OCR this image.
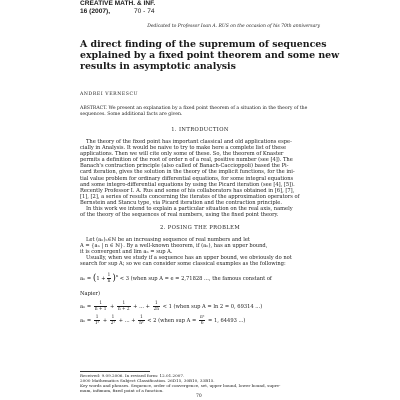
CREATIVE MATH. & INF.
16 (2007),	70 - 74
Dedicated to Professor Ioan A. RUS on the occasion of his 70th anniversary
A direct finding of the supremum of sequences
explained by a fixed point theorem and some new
results in asymptotic analysis
ANDREI VERNESCU
ABSTRACT. We present an explanation by a fixed point theorem of a situation in the theory of the
sequences. Some additional facts are given.
1. INTRODUCTION
The theory of the fixed point has important classical and old applications espe-
cially in Analysis. It would be naive to try to make here a complete list of these
applications. Then we will cite only some of these. So, the theorem of Knaster
permits a definition of the root of order n of a real, positive number (see [4]). The
Banach's contraction principle (also called of Banach-Caccioppoli) based the Pi-
card iteration, gives the solution in the theory of the implicit functions, for the ini-
tial value problem for ordinary differential equations, for some integral equations
and some integro-differential equations by using the Picard iteration (see [4], [5]).
Recently Professor I. A. Rus and some of his collaborators has obtained in [6], [7],
[1], [2], a series of results concerning the iterates of the approximation operators of
Bernstein and Stancu type, via Picard iteration and the contraction principle.
In this work we intend to explain a particular situation on the real axis, namely
of the theory of the sequences of real numbers, using the fixed point theory.
2. POSING THE PROBLEM
Let (aₙ)ₙ∈ℕ be an increasing sequence of real numbers and let
A = {aₙ | n ∈ ℕ}. By a well-known theorem, if (aₙ), has an upper bound,
it is convergent and lim aₙ = sup A.
Usually, when we study if a sequence has an upper bound, we obviously do not
search for sup A; so we can consider some classical examples as the following:
$a_n = (1 + \frac{1}{n} )^n < 3$ (when sup A = e = 2,71828 ..., the famous constant of
Napier)
$a_n = \frac{1}{n + 1} + \frac{1}{n + 2}$ + ... + $\frac{1}{2n} < 1$ (when sup A = ln 2 = 0, 69314 ...)
$a_n = \frac{1}{\text{1²}} + \frac{1}{\text{2²}}$ + ... + $\frac{1}{\text{n²}} < 2$ (when sup $A = \frac{\text{π²}}{6} = 1$, 64493 ...)
Received: 9.09.2006. In revised form: 12.01.2007.
2000 Mathematics Subject Classification. 26D15, 30B10, 33B15.
Key words and phrases. Sequence, order of convergence, set, upper bound, lower bound, supre-
mum, infimum, fixed point of a function.
70
